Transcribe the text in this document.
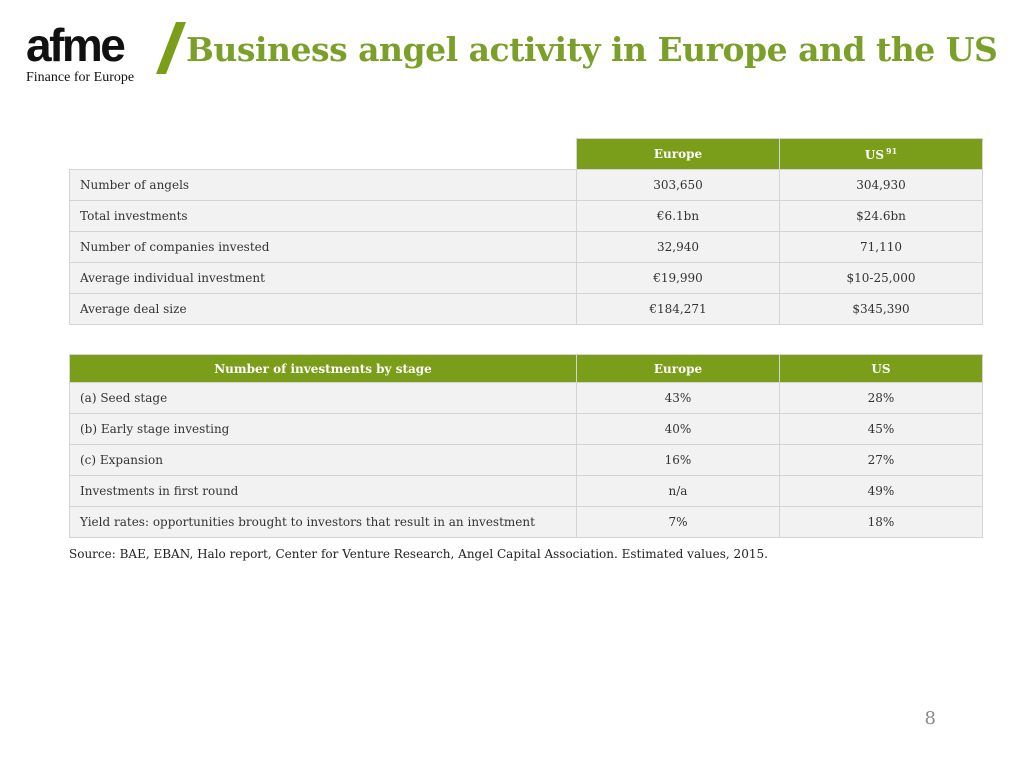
afme
Finance for Europe
Business angel activity in Europe and the US
	Europe	US $^{91}$
Number of angels	303,650	304,930
Total investments	€6.1bn	$24.6bn
Number of companies invested	32,940	71,110
Average individual investment	€19,990	$10-25,000
Average deal size	€184,271	$345,390
Number of investments by stage	Europe	US
(a) Seed stage	43%	28%
(b) Early stage investing	40%	45%
(c) Expansion	16%	27%
Investments in first round	n/a	49%
Yield rates: opportunities brought to investors that result in an investment	7%	18%
Source: BAE, EBAN, Halo report, Center for Venture Research, Angel Capital Association. Estimated values, 2015.
8
